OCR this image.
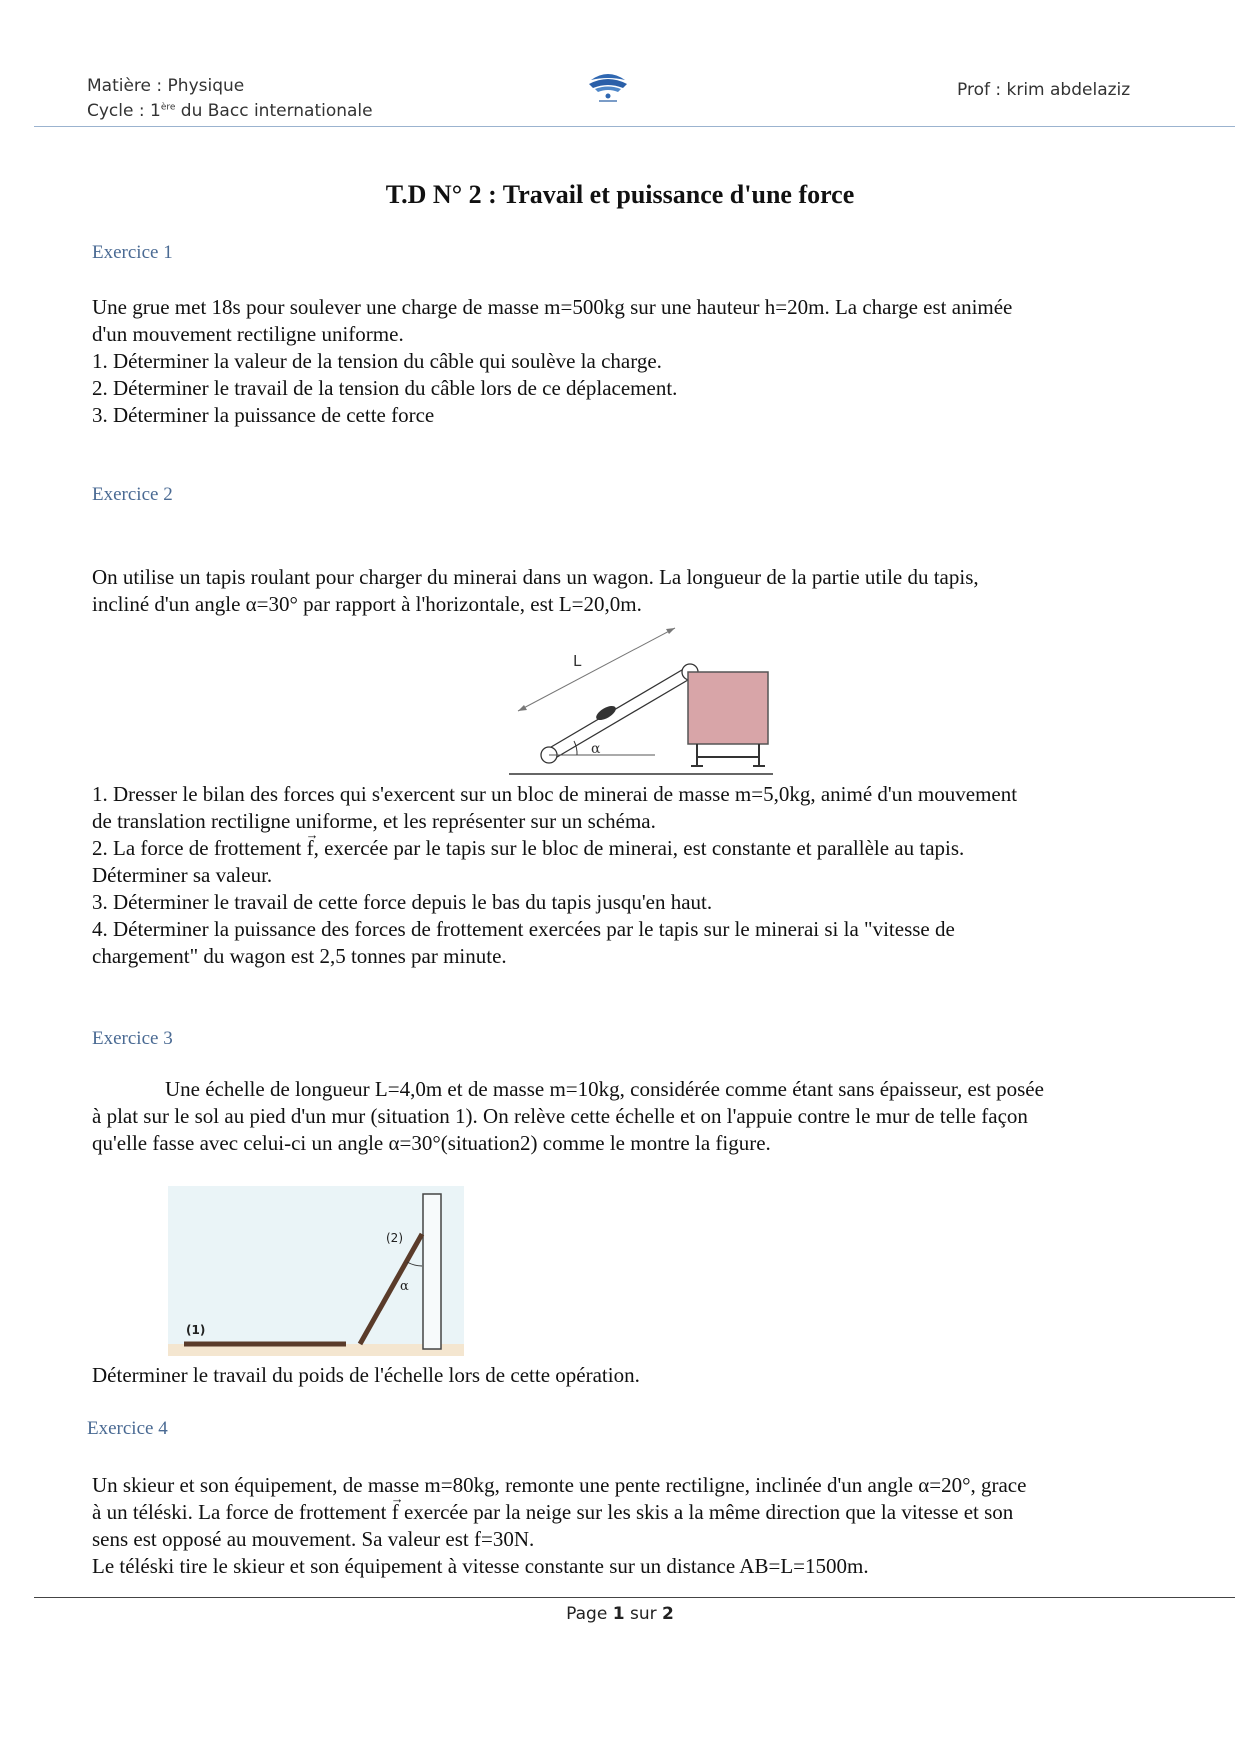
Matière : Physique
Cycle : 1ère du Bacc internationale
Prof : krim abdelaziz
T.D N° 2 : Travail et puissance d'une force
Exercice 1
Une grue met 18s pour soulever une charge de masse m=500kg sur une hauteur h=20m. La charge est animée
d'un mouvement rectiligne uniforme.
1. Déterminer la valeur de la tension du câble qui soulève la charge.
2. Déterminer le travail de la tension du câble lors de ce déplacement.
3. Déterminer la puissance de cette force
Exercice 2
On utilise un tapis roulant pour charger du minerai dans un wagon. La longueur de la partie utile du tapis,
incliné d'un angle α=30° par rapport à l'horizontale, est L=20,0m.
L
α
1. Dresser le bilan des forces qui s'exercent sur un bloc de minerai de masse m=5,0kg, animé d'un mouvement
de translation rectiligne uniforme, et les représenter sur un schéma.
2. La force de frottement → f, exercée par le tapis sur le bloc de minerai, est constante et parallèle au tapis.
Déterminer sa valeur.
3. Déterminer le travail de cette force depuis le bas du tapis jusqu'en haut.
4. Déterminer la puissance des forces de frottement exercées par le tapis sur le minerai si la "vitesse de
chargement" du wagon est 2,5 tonnes par minute.
Exercice 3
Une échelle de longueur L=4,0m et de masse m=10kg, considérée comme étant sans épaisseur, est posée
à plat sur le sol au pied d'un mur (situation 1). On relève cette échelle et on l'appuie contre le mur de telle façon
qu'elle fasse avec celui-ci un angle α=30°(situation2) comme le montre la figure.
α
(2)
(1)
Déterminer le travail du poids de l'échelle lors de cette opération.
Exercice 4
Un skieur et son équipement, de masse m=80kg, remonte une pente rectiligne, inclinée d'un angle α=20°, grace
à un téléski. La force de frottement → f exercée par la neige sur les skis a la même direction que la vitesse et son
sens est opposé au mouvement. Sa valeur est f=30N.
Le téléski tire le skieur et son équipement à vitesse constante sur un distance AB=L=1500m.
Page 1 sur 2
